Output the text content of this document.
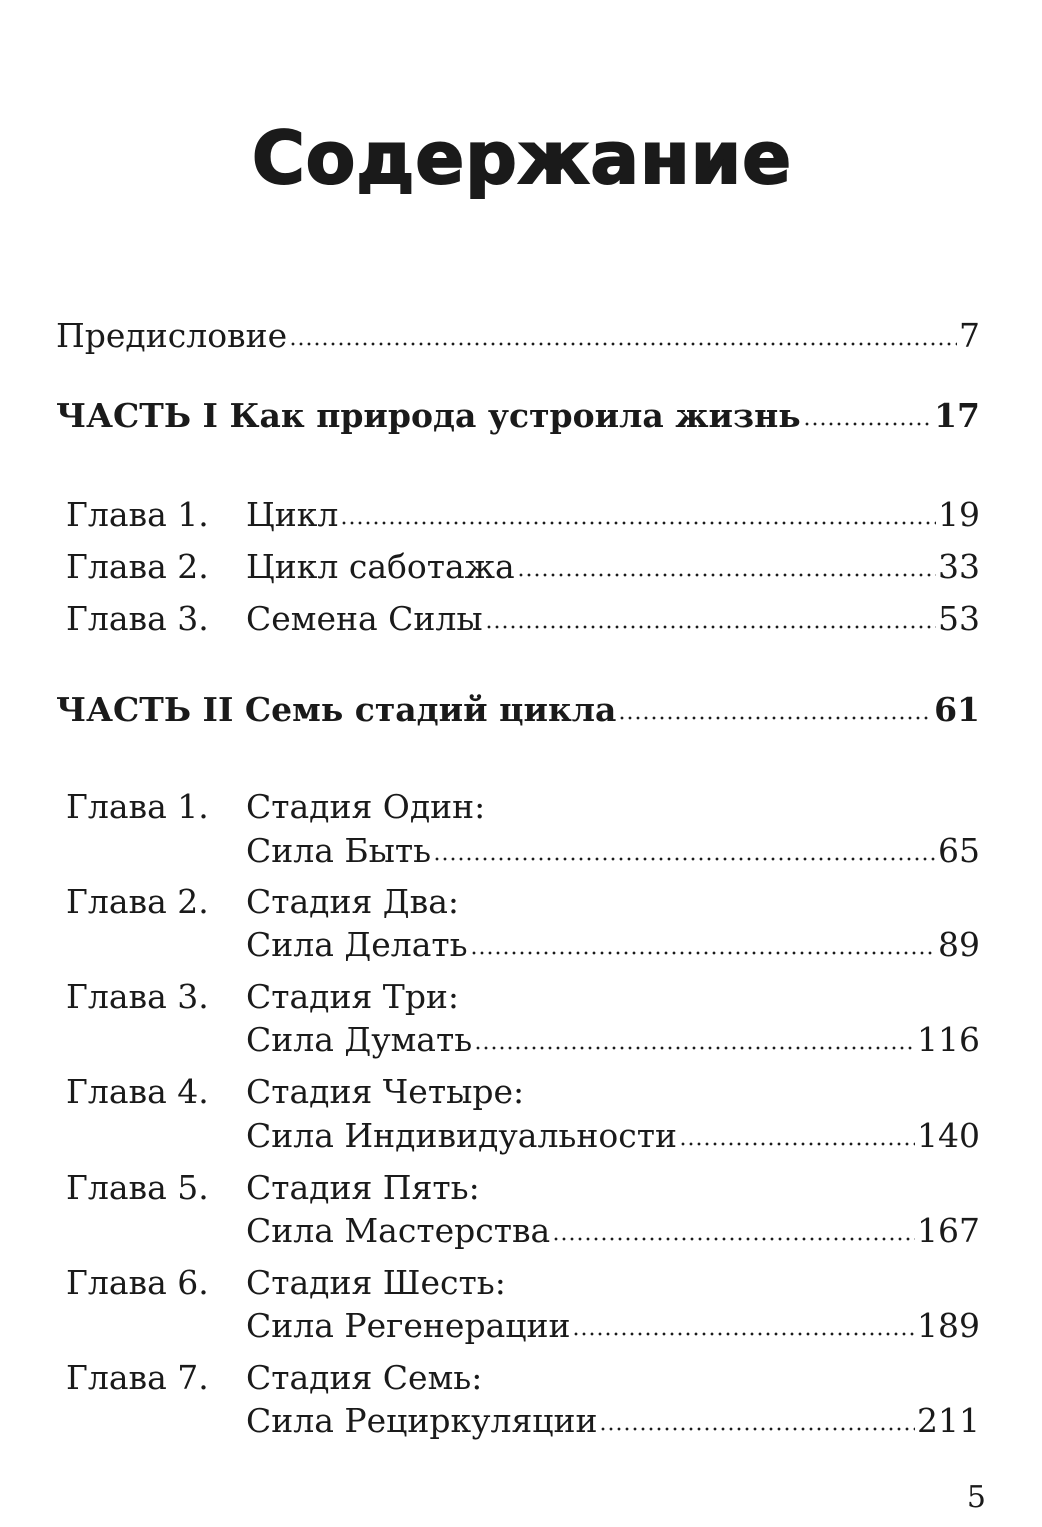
Содержание
Предисловие	7
ЧАСТЬ I Как природа устроила жизнь	17
Глава 1. Цикл	19
Глава 2. Цикл саботажа	33
Глава 3. Семена Силы	53
ЧАСТЬ II Семь стадий цикла	61
Глава 1. Стадия Один:
Сила Быть	65
Глава 2. Стадия Два:
Сила Делать	89
Глава 3. Стадия Три:
Сила Думать	116
Глава 4. Стадия Четыре:
Сила Индивидуальности	140
Глава 5. Стадия Пять:
Сила Мастерства	167
Глава 6. Стадия Шесть:
Сила Регенерации	189
Глава 7. Стадия Семь:
Сила Рециркуляции	211
5
